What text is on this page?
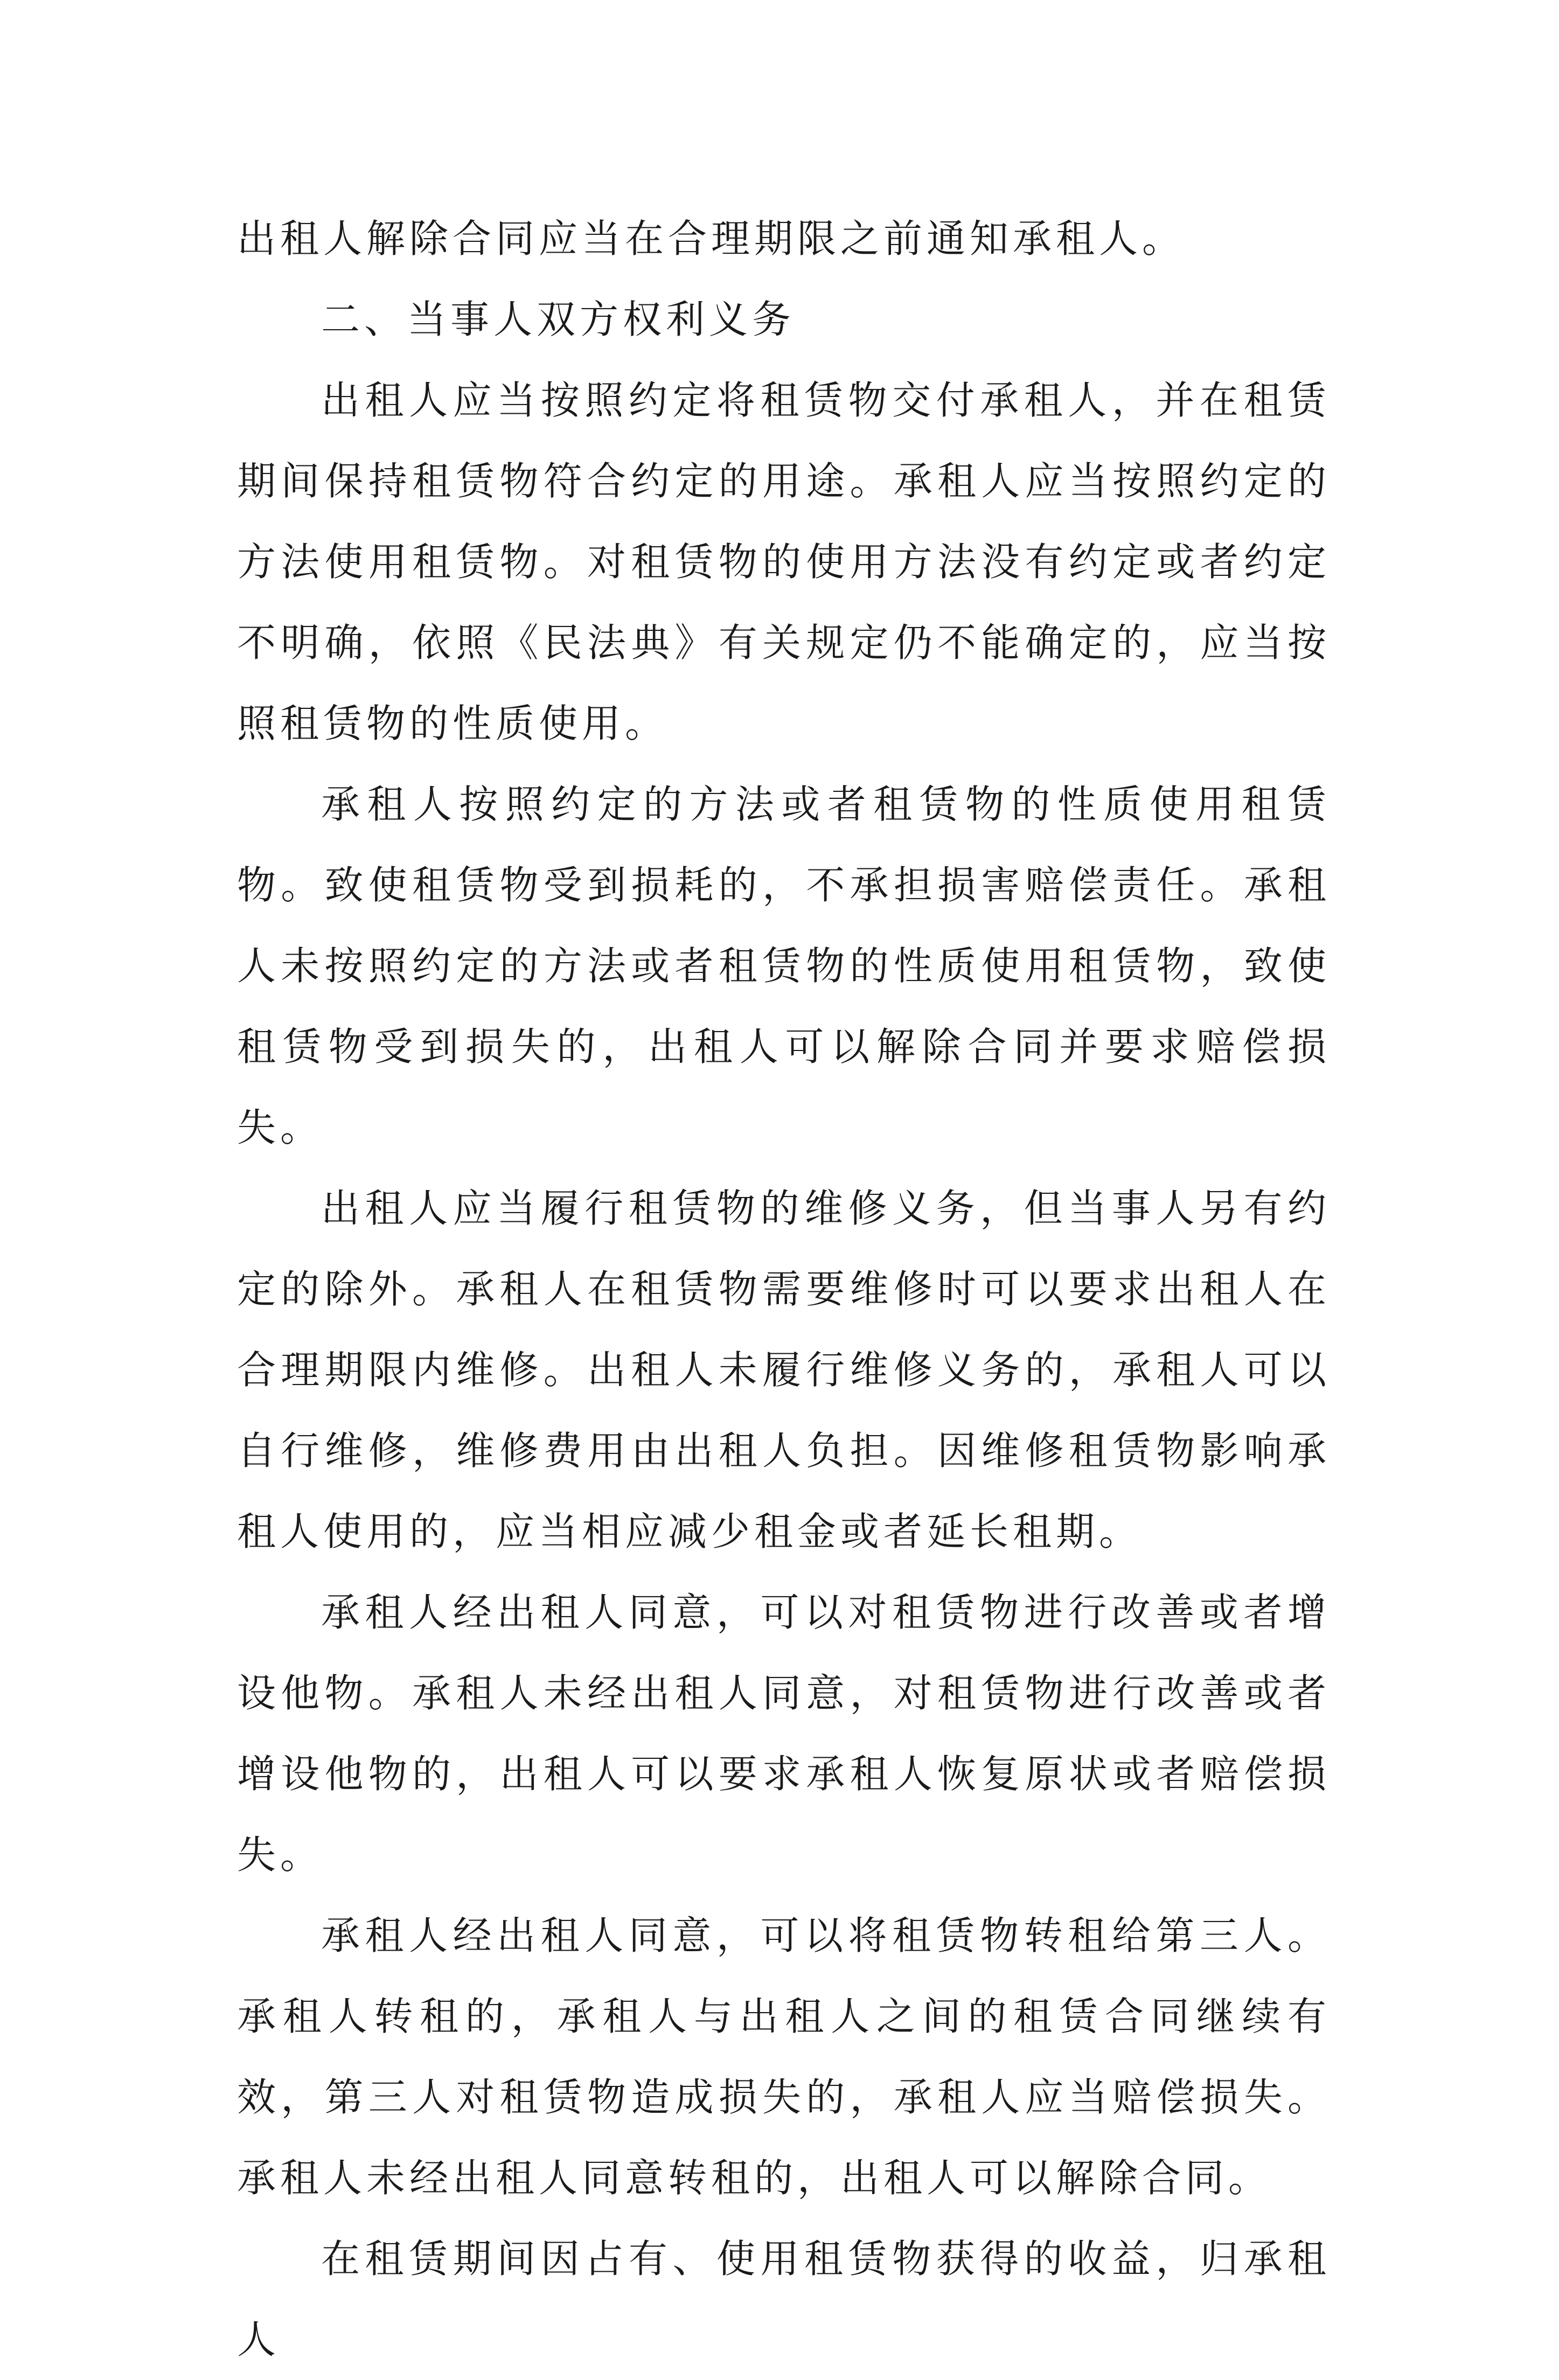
出租人解除合同应当在合理期限之前通知承租人。

二、当事人双方权利义务

出租人应当按照约定将租赁物交付承租人，并在租赁期间保持租赁物符合约定的用途。承租人应当按照约定的方法使用租赁物。对租赁物的使用方法没有约定或者约定不明确，依照《民法典》有关规定仍不能确定的，应当按照租赁物的性质使用。

承租人按照约定的方法或者租赁物的性质使用租赁物。致使租赁物受到损耗的，不承担损害赔偿责任。承租人未按照约定的方法或者租赁物的性质使用租赁物，致使租赁物受到损失的，出租人可以解除合同并要求赔偿损失。

出租人应当履行租赁物的维修义务，但当事人另有约定的除外。承租人在租赁物需要维修时可以要求出租人在合理期限内维修。出租人未履行维修义务的，承租人可以自行维修，维修费用由出租人负担。因维修租赁物影响承租人使用的，应当相应减少租金或者延长租期。

承租人经出租人同意，可以对租赁物进行改善或者增设他物。承租人未经出租人同意，对租赁物进行改善或者增设他物的，出租人可以要求承租人恢复原状或者赔偿损失。

承租人经出租人同意，可以将租赁物转租给第三人。承租人转租的，承租人与出租人之间的租赁合同继续有效，第三人对租赁物造成损失的，承租人应当赔偿损失。承租人未经出租人同意转租的，出租人可以解除合同。

在租赁期间因占有、使用租赁物获得的收益，归承租人
